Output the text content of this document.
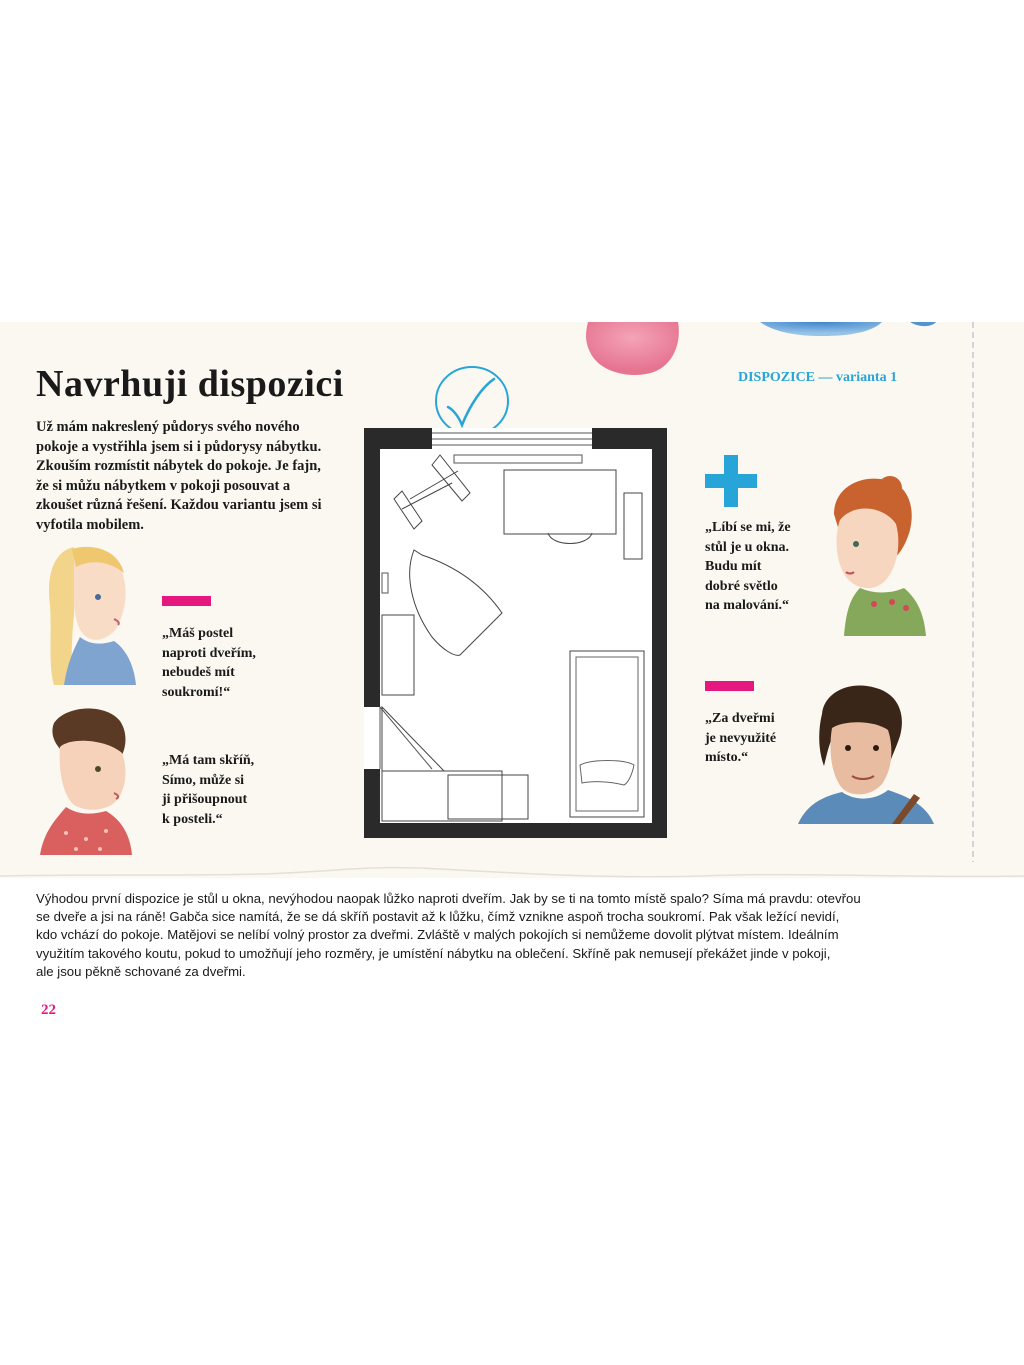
Navrhuji dispozici
Už mám nakreslený půdorys svého nového pokoje a vystřihla jsem si i půdorysy nábytku. Zkouším rozmístit nábytek do pokoje. Je fajn, že si můžu nábytkem v pokoji posouvat a zkoušet různá řešení. Každou variantu jsem si vyfotila mobilem.
DISPOZICE — varianta 1
„Máš postel
naproti dveřím,
nebudeš mít
soukromí!“
„Má tam skříň,
Símo, může si
ji přišoupnout
k posteli.“
„Líbí se mi, že
stůl je u okna.
Budu mít
dobré světlo
na malování.“
„Za dveřmi
je nevyužité
místo.“
Výhodou první dispozice je stůl u okna, nevýhodou naopak lůžko naproti dveřím. Jak by se ti na tomto místě spalo? Síma má pravdu: otevřou
se dveře a jsi na ráně! Gabča sice namítá, že se dá skříň postavit až k lůžku, čímž vznikne aspoň trocha soukromí. Pak však ležící nevidí,
kdo vchází do pokoje. Matějovi se nelíbí volný prostor za dveřmi. Zvláště v malých pokojích si nemůžeme dovolit plýtvat místem. Ideálním
využitím takového koutu, pokud to umožňují jeho rozměry, je umístění nábytku na oblečení. Skříně pak nemusejí překážet jinde v pokoji,
ale jsou pěkně schované za dveřmi.
22
